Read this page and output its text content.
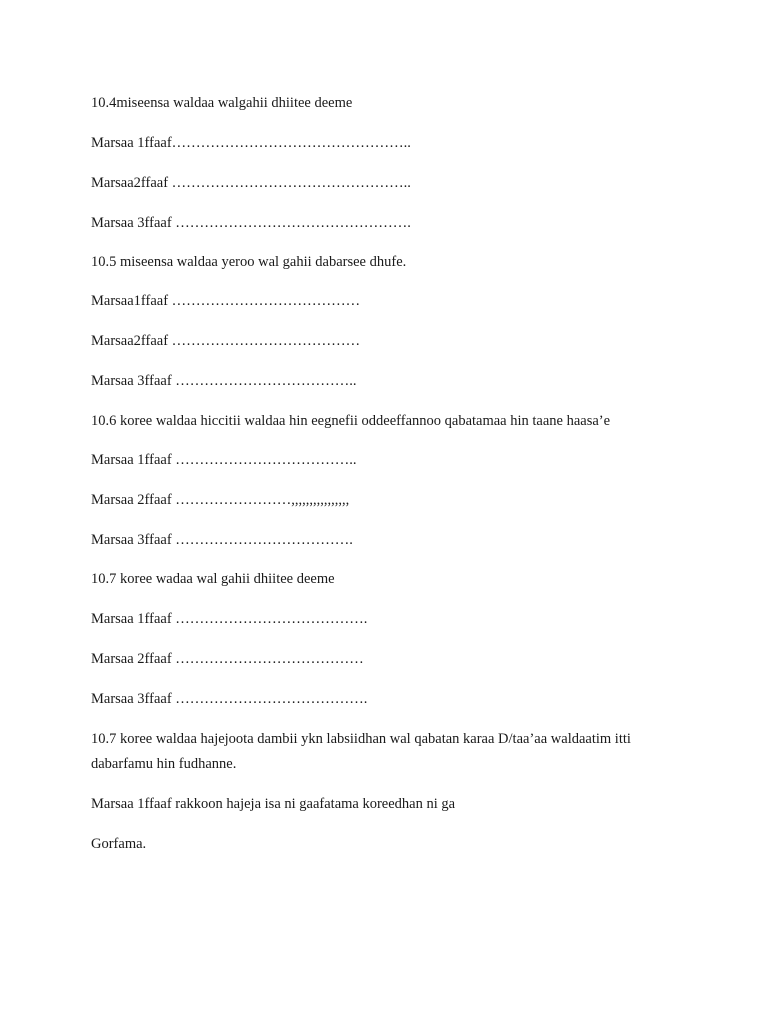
10.4miseensa waldaa walgahii dhiitee deeme
Marsaa 1ffaaf…………………………………………..
Marsaa2ffaaf …………………………………………..
Marsaa 3ffaaf ………………………………………….
10.5 miseensa waldaa yeroo wal gahii dabarsee dhufe.
Marsaa1ffaaf …………………………………
Marsaa2ffaaf …………………………………
Marsaa 3ffaaf ………………………………..
10.6 koree waldaa hiccitii waldaa hin eegnefii oddeeffannoo qabatamaa hin taane haasa’e
Marsaa 1ffaaf ………………………………..
Marsaa 2ffaaf ……………………,,,,,,,,,,,,,,,,
Marsaa 3ffaaf ……………………………….
10.7 koree wadaa wal gahii dhiitee deeme
Marsaa 1ffaaf ………………………………….
Marsaa 2ffaaf …………………………………
Marsaa 3ffaaf ………………………………….
10.7 koree waldaa hajejoota dambii ykn labsiidhan wal qabatan karaa D/taa’aa waldaatim itti dabarfamu hin fudhanne.
Marsaa 1ffaaf rakkoon hajeja isa ni gaafatama koreedhan ni ga
Gorfama.
